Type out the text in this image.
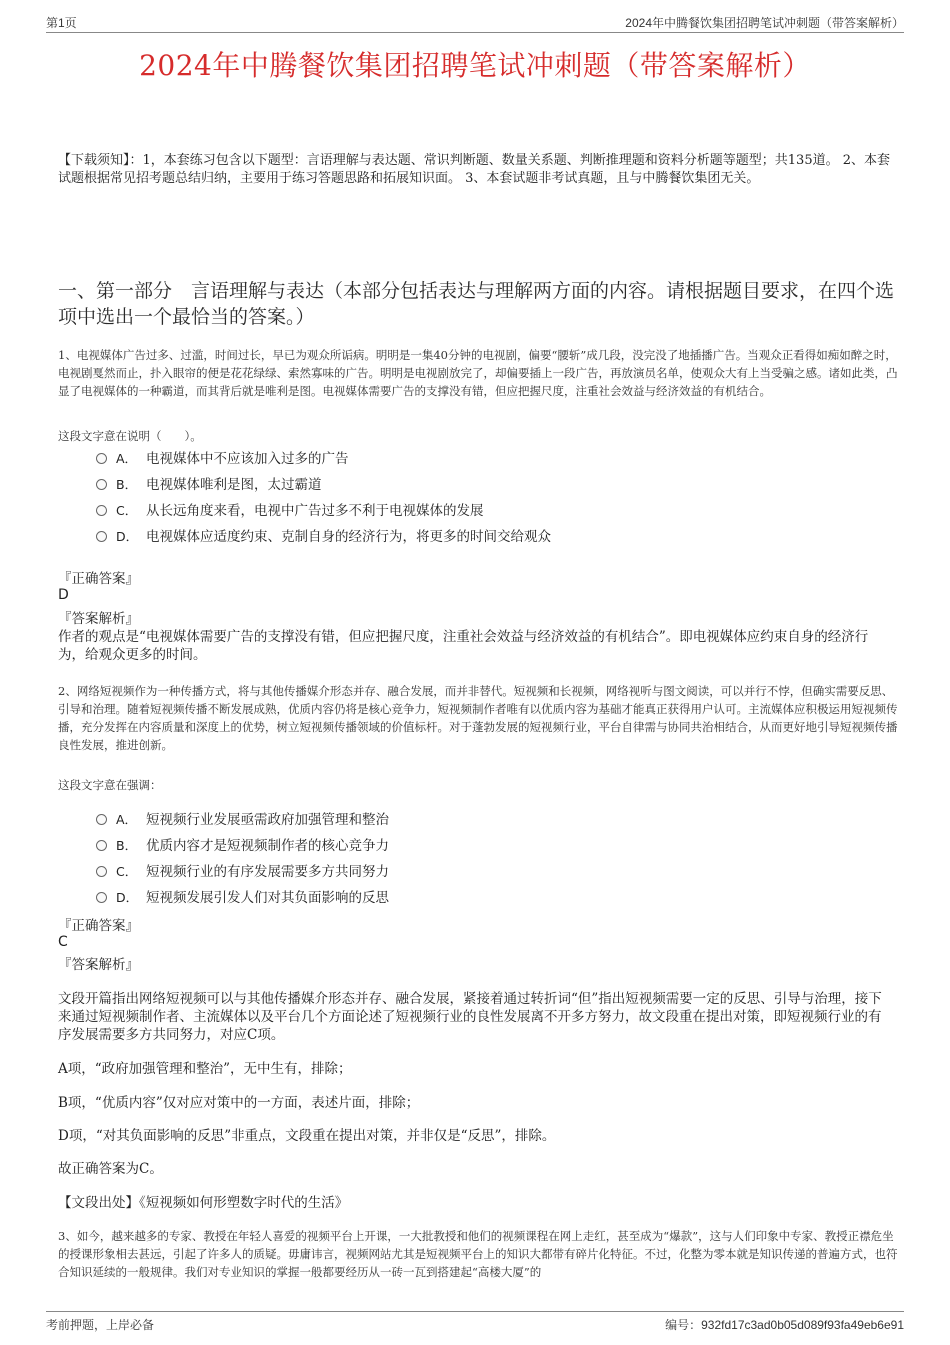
第1页	2024年中腾餐饮集团招聘笔试冲刺题（带答案解析）
2024年中腾餐饮集团招聘笔试冲刺题（带答案解析）
【下载须知】：1，本套练习包含以下题型：言语理解与表达题、常识判断题、数量关系题、判断推理题和资料分析题等题型；共135道。 2、本套试题根据常见招考题总结归纳，主要用于练习答题思路和拓展知识面。 3、本套试题非考试真题，且与中腾餐饮集团无关。
一、第一部分　言语理解与表达（本部分包括表达与理解两方面的内容。请根据题目要求，在四个选项中选出一个最恰当的答案。）
1、电视媒体广告过多、过滥，时间过长，早已为观众所诟病。明明是一集40分钟的电视剧，偏要“腰斩”成几段，没完没了地插播广告。当观众正看得如痴如醉之时，电视剧戛然而止，扑入眼帘的便是花花绿绿、索然寡味的广告。明明是电视剧放完了，却偏要插上一段广告，再放演员名单，使观众大有上当受骗之感。诸如此类，凸显了电视媒体的一种霸道，而其背后就是唯利是图。电视媒体需要广告的支撑没有错，但应把握尺度，注重社会效益与经济效益的有机结合。
这段文字意在说明（　　）。
A． 电视媒体中不应该加入过多的广告
B． 电视媒体唯利是图，太过霸道
C． 从长远角度来看，电视中广告过多不利于电视媒体的发展
D． 电视媒体应适度约束、克制自身的经济行为，将更多的时间交给观众
『正确答案』
D
『答案解析』
作者的观点是“电视媒体需要广告的支撑没有错，但应把握尺度，注重社会效益与经济效益的有机结合”。即电视媒体应约束自身的经济行为，给观众更多的时间。
2、网络短视频作为一种传播方式，将与其他传播媒介形态并存、融合发展，而并非替代。短视频和长视频，网络视听与图文阅读，可以并行不悖，但确实需要反思、引导和治理。随着短视频传播不断发展成熟，优质内容仍将是核心竞争力，短视频制作者唯有以优质内容为基础才能真正获得用户认可。主流媒体应积极运用短视频传播，充分发挥在内容质量和深度上的优势，树立短视频传播领域的价值标杆。对于蓬勃发展的短视频行业，平台自律需与协同共治相结合，从而更好地引导短视频传播良性发展，推进创新。
这段文字意在强调：
A． 短视频行业发展亟需政府加强管理和整治
B． 优质内容才是短视频制作者的核心竞争力
C． 短视频行业的有序发展需要多方共同努力
D． 短视频发展引发人们对其负面影响的反思
『正确答案』
C
『答案解析』
文段开篇指出网络短视频可以与其他传播媒介形态并存、融合发展，紧接着通过转折词“但”指出短视频需要一定的反思、引导与治理，接下来通过短视频制作者、主流媒体以及平台几个方面论述了短视频行业的良性发展离不开多方努力，故文段重在提出对策，即短视频行业的有序发展需要多方共同努力，对应C项。
A项，“政府加强管理和整治”，无中生有，排除；
B项，“优质内容”仅对应对策中的一方面，表述片面，排除；
D项，“对其负面影响的反思”非重点，文段重在提出对策，并非仅是“反思”，排除。
故正确答案为C。
【文段出处】《短视频如何形塑数字时代的生活》
3、如今，越来越多的专家、教授在年轻人喜爱的视频平台上开课，一大批教授和他们的视频课程在网上走红，甚至成为“爆款”，这与人们印象中专家、教授正襟危坐的授课形象相去甚远，引起了许多人的质疑。毋庸讳言，视频网站尤其是短视频平台上的知识大都带有碎片化特征。不过，化整为零本就是知识传递的普遍方式，也符合知识延续的一般规律。我们对专业知识的掌握一般都要经历从一砖一瓦到搭建起“高楼大厦”的
考前押题，上岸必备	编号：932fd17c3ad0b05d089f93fa49eb6e91
